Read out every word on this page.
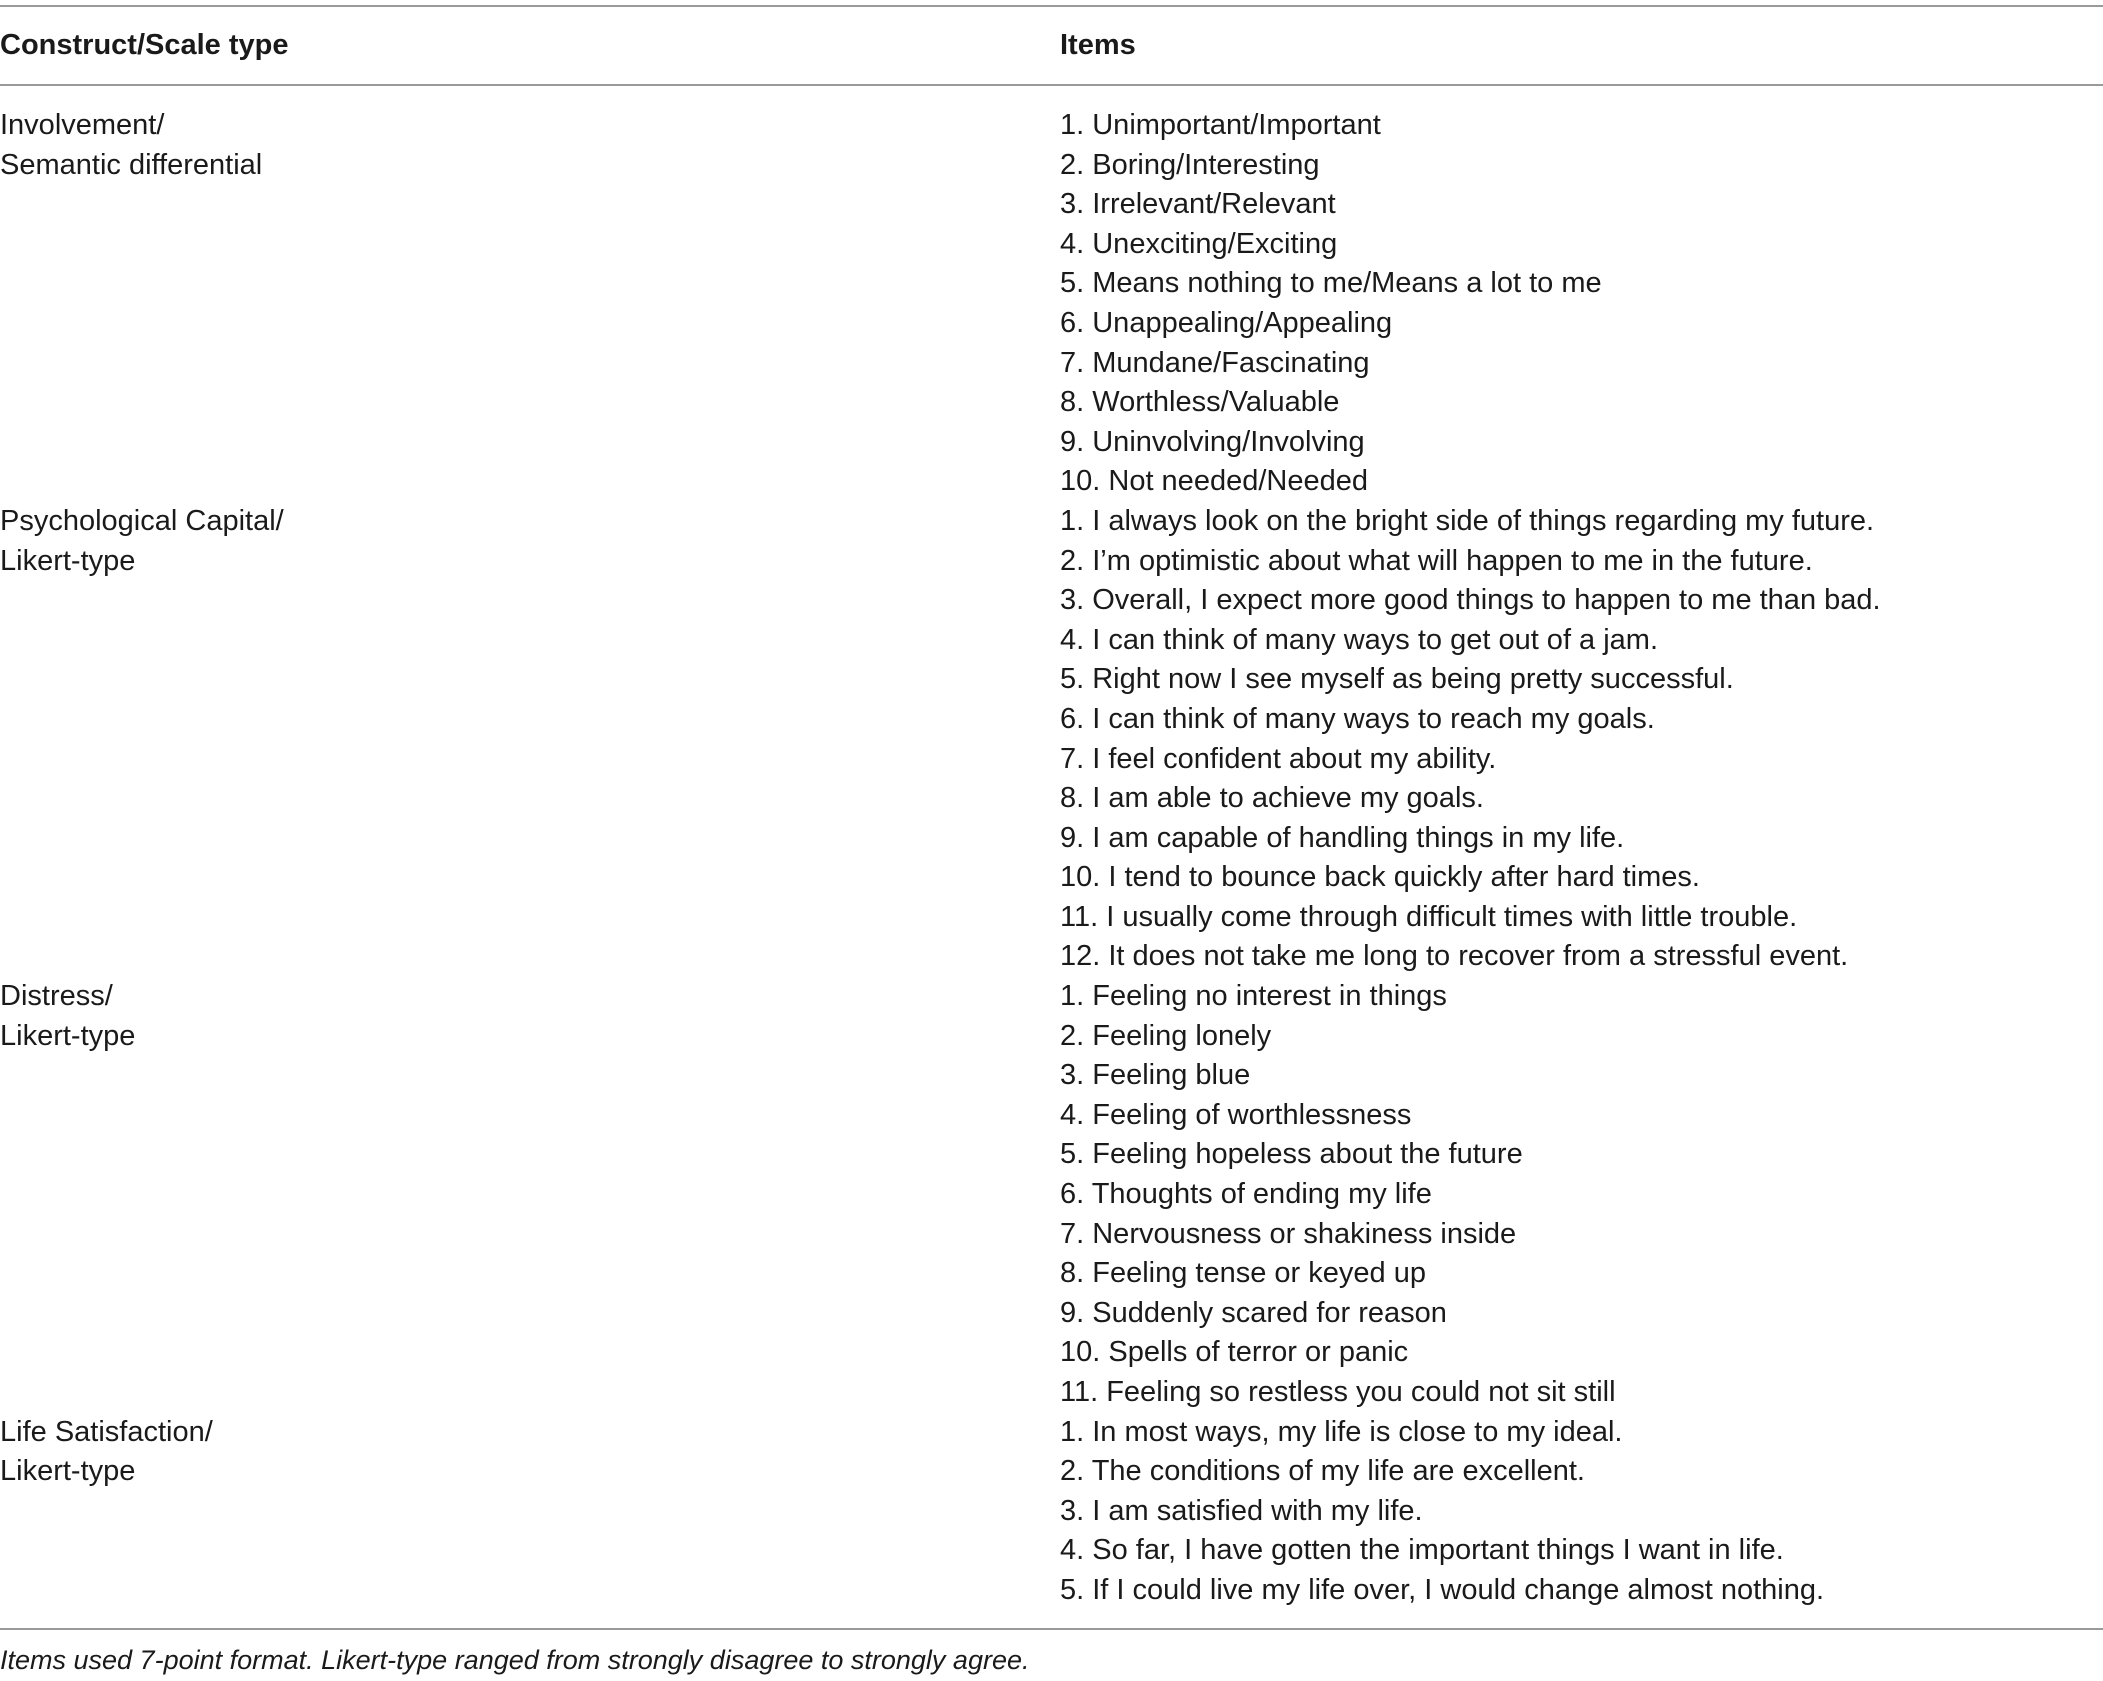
Construct/Scale type	Items
Involvement/
Semantic differential
1. Unimportant/Important
2. Boring/Interesting
3. Irrelevant/Relevant
4. Unexciting/Exciting
5. Means nothing to me/Means a lot to me
6. Unappealing/Appealing
7. Mundane/Fascinating
8. Worthless/Valuable
9. Uninvolving/Involving
10. Not needed/Needed
Psychological Capital/
Likert-type
1. I always look on the bright side of things regarding my future.
2. I’m optimistic about what will happen to me in the future.
3. Overall, I expect more good things to happen to me than bad.
4. I can think of many ways to get out of a jam.
5. Right now I see myself as being pretty successful.
6. I can think of many ways to reach my goals.
7. I feel confident about my ability.
8. I am able to achieve my goals.
9. I am capable of handling things in my life.
10. I tend to bounce back quickly after hard times.
11. I usually come through difficult times with little trouble.
12. It does not take me long to recover from a stressful event.
Distress/
Likert-type
1. Feeling no interest in things
2. Feeling lonely
3. Feeling blue
4. Feeling of worthlessness
5. Feeling hopeless about the future
6. Thoughts of ending my life
7. Nervousness or shakiness inside
8. Feeling tense or keyed up
9. Suddenly scared for reason
10. Spells of terror or panic
11. Feeling so restless you could not sit still
Life Satisfaction/
Likert-type
1. In most ways, my life is close to my ideal.
2. The conditions of my life are excellent.
3. I am satisfied with my life.
4. So far, I have gotten the important things I want in life.
5. If I could live my life over, I would change almost nothing.
Items used 7-point format. Likert-type ranged from strongly disagree to strongly agree.
